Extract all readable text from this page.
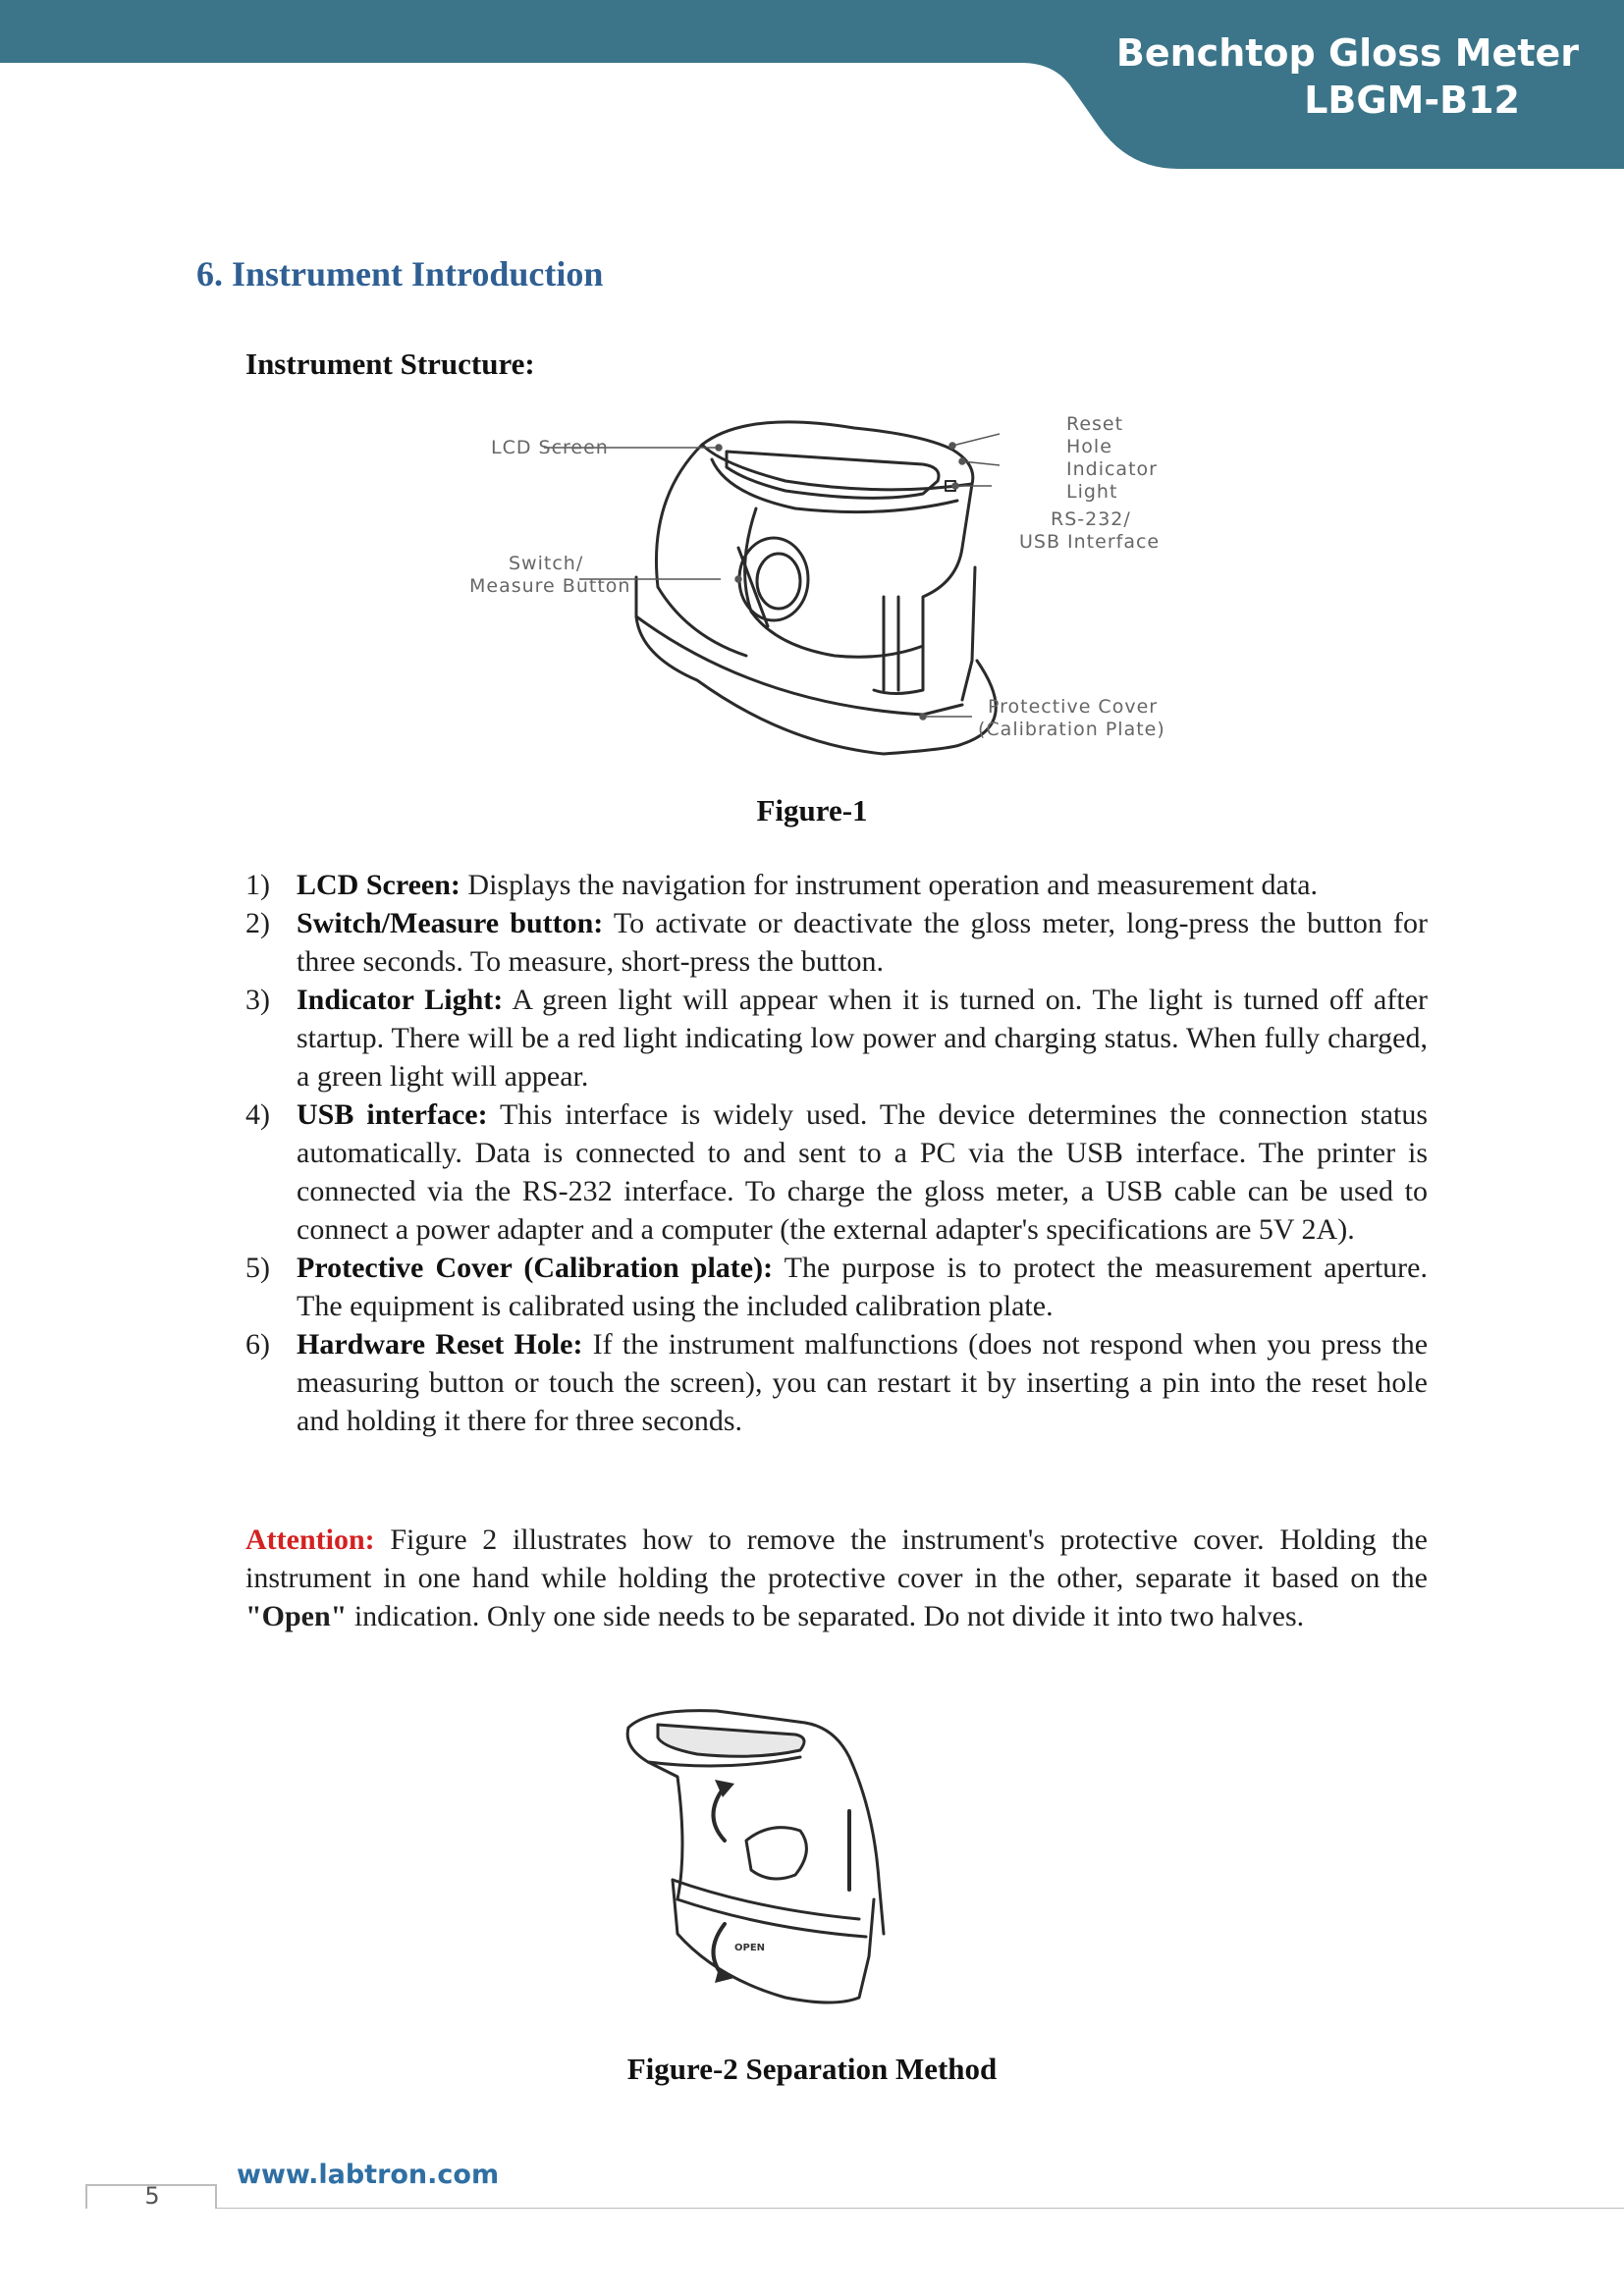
Benchtop Gloss Meter
LBGM-B12
6. Instrument Introduction
Instrument Structure:
LCD Screen
Switch/
Measure Button
Reset
Hole
Indicator
Light
RS-232/
USB Interface
Protective Cover
(Calibration Plate)
Figure-1
1) LCD Screen: Displays the navigation for instrument operation and measurement data.
2) Switch/Measure button: To activate or deactivate the gloss meter, long-press the button for three seconds. To measure, short-press the button.
3) Indicator Light: A green light will appear when it is turned on. The light is turned off after startup. There will be a red light indicating low power and charging status. When fully charged, a green light will appear.
4) USB interface: This interface is widely used. The device determines the connection status automatically. Data is connected to and sent to a PC via the USB interface. The printer is connected via the RS-232 interface. To charge the gloss meter, a USB cable can be used to connect a power adapter and a computer (the external adapter's specifications are 5V 2A).
5) Protective Cover (Calibration plate): The purpose is to protect the measurement aperture. The equipment is calibrated using the included calibration plate.
6) Hardware Reset Hole: If the instrument malfunctions (does not respond when you press the measuring button or touch the screen), you can restart it by inserting a pin into the reset hole and holding it there for three seconds.

Attention: Figure 2 illustrates how to remove the instrument's protective cover. Holding the instrument in one hand while holding the protective cover in the other, separate it based on the "Open" indication. Only one side needs to be separated. Do not divide it into two halves.

OPEN
Figure-2 Separation Method
5
www.labtron.com
